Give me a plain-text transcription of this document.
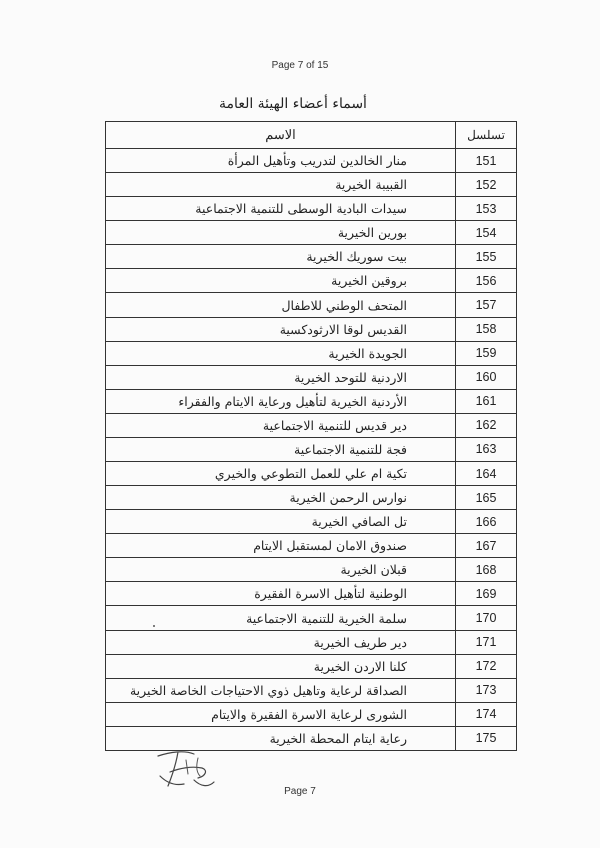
Page 7 of 15
أسماء أعضاء الهيئة العامة
تسلسل	الاسم
151	منار الخالدين لتدريب وتأهيل المرأة
152	القبيبة الخيرية
153	سيدات البادية الوسطى للتنمية الاجتماعية
154	بورين الخيرية
155	بيت سوريك الخيرية
156	بروقين الخيرية
157	المتحف الوطني للاطفال
158	القديس لوقا الارثودكسية
159	الجويدة الخيرية
160	الاردنية للتوحد الخيرية
161	الأردنية الخيرية لتأهيل ورعاية الايتام والفقراء
162	دير قديس للتنمية الاجتماعية
163	فجة للتنمية الاجتماعية
164	تكية ام علي للعمل التطوعي والخيري
165	نوارس الرحمن الخيرية
166	تل الصافي الخيرية
167	صندوق الامان لمستقبل الايتام
168	قبلان الخيرية
169	الوطنية لتأهيل الاسرة الفقيرة
170	سلمة الخيرية للتنمية الاجتماعية
171	دير طريف الخيرية
172	كلنا الاردن الخيرية
173	الصداقة لرعاية وتاهيل ذوي الاحتياجات الخاصة الخيرية
174	الشورى لرعاية الاسرة الفقيرة والايتام
175	رعاية ايتام المحطة الخيرية
Page 7
